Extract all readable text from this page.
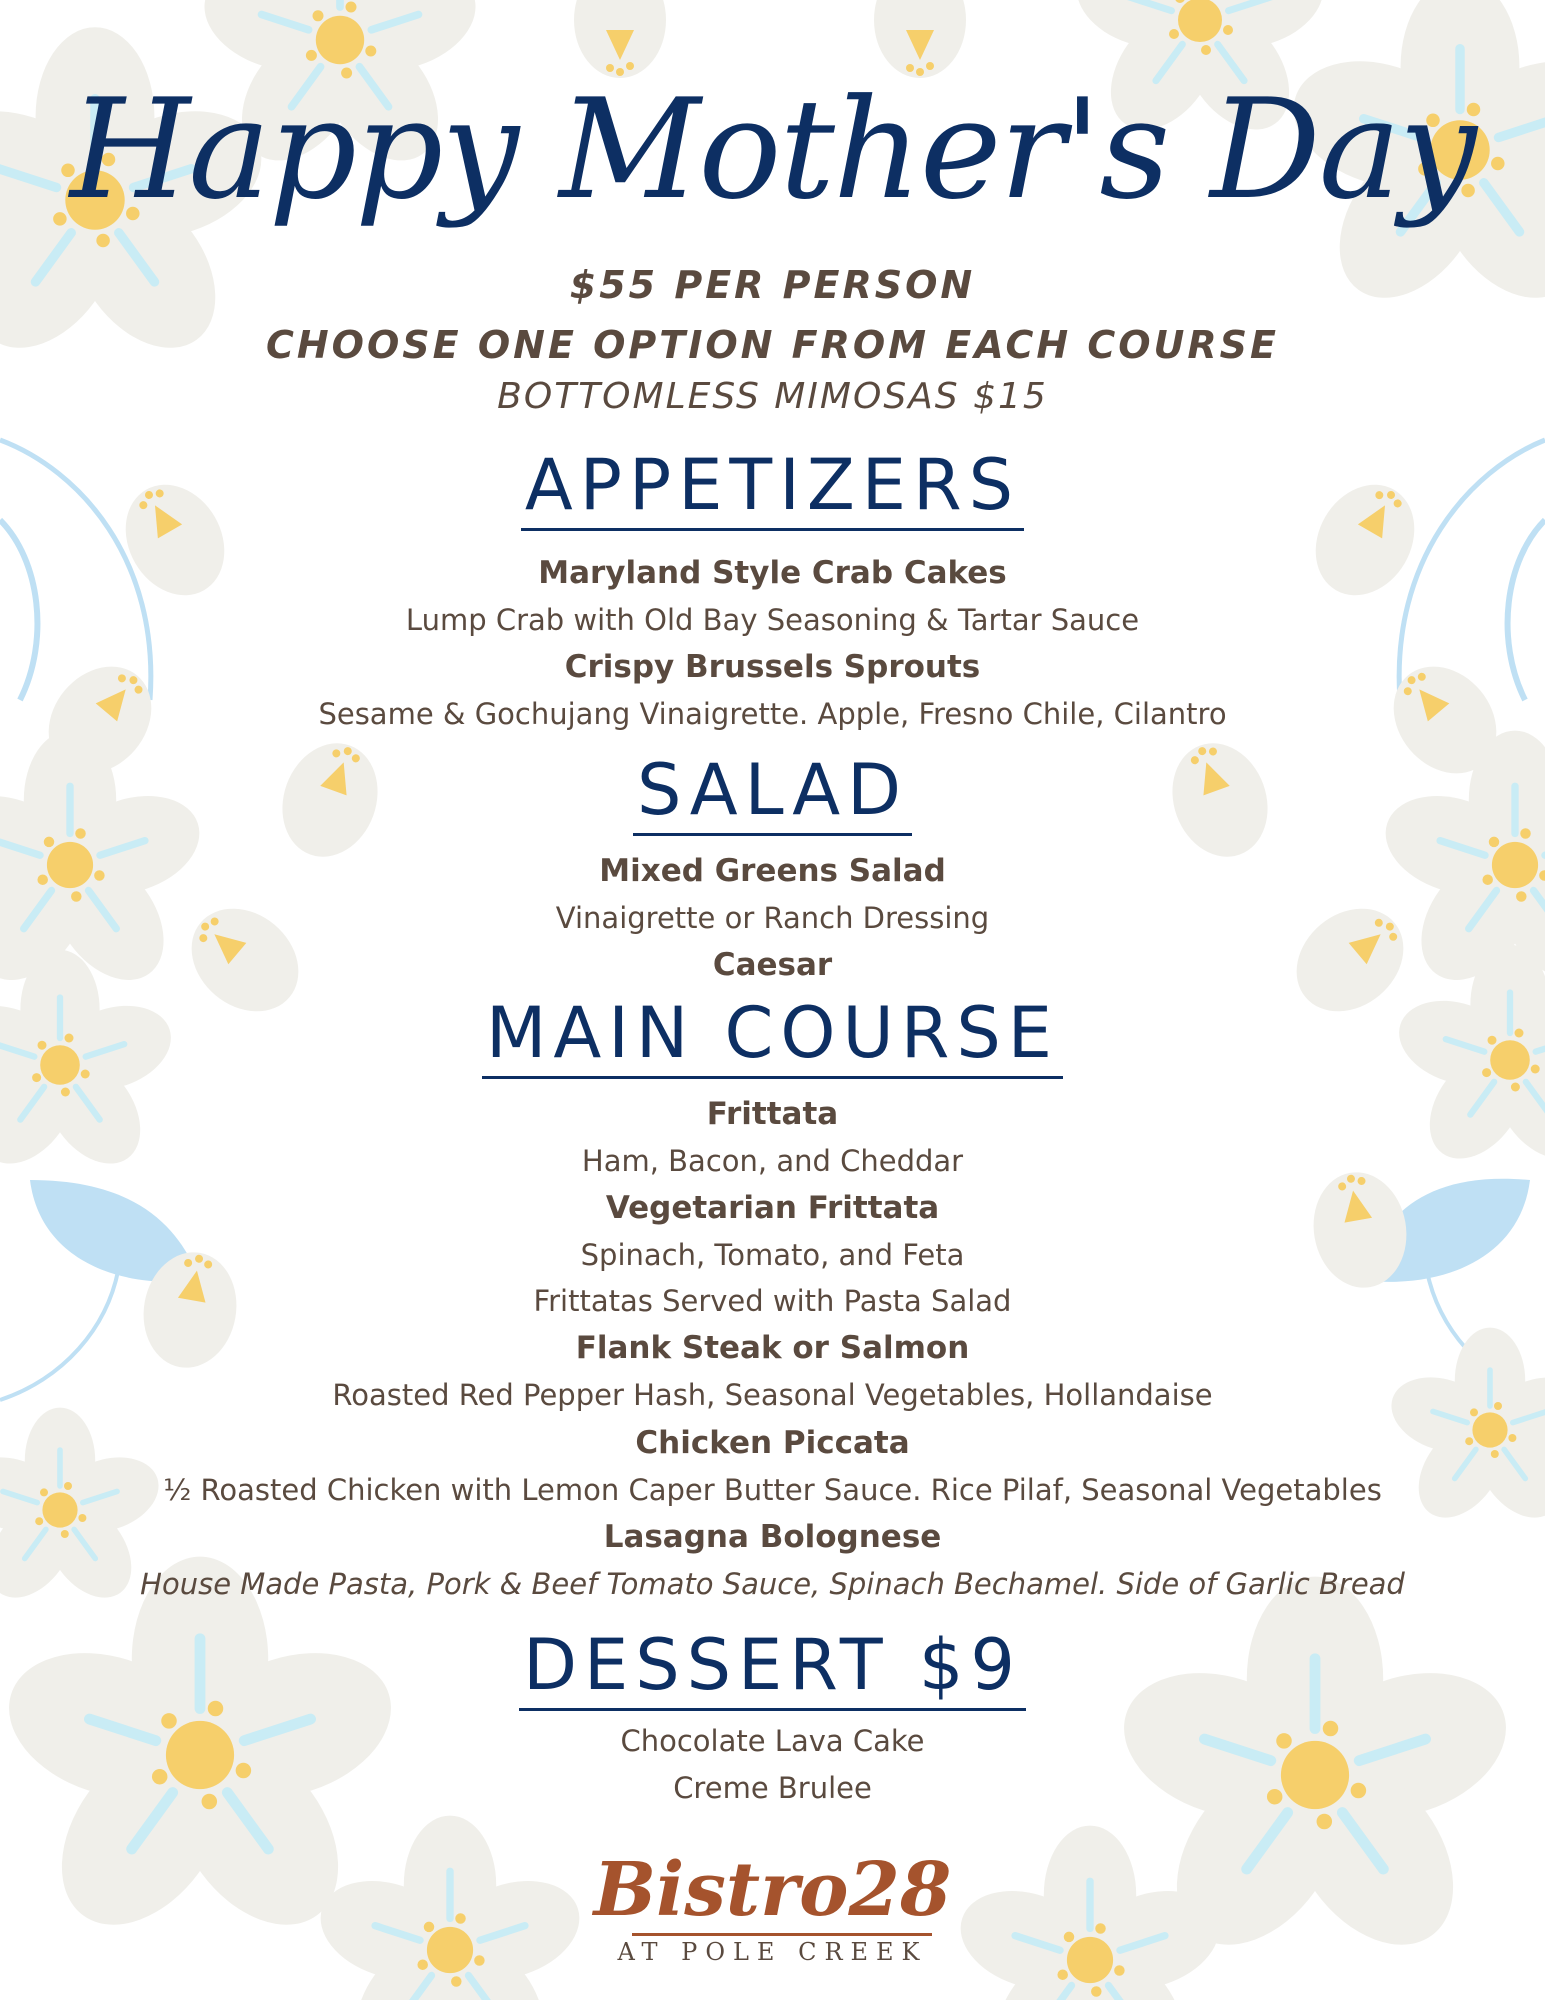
Happy Mother's Day
$55 PER PERSON
CHOOSE ONE OPTION FROM EACH COURSE
BOTTOMLESS MIMOSAS $15
APPETIZERS
Maryland Style Crab Cakes
Lump Crab with Old Bay Seasoning & Tartar Sauce
Crispy Brussels Sprouts
Sesame & Gochujang Vinaigrette. Apple, Fresno Chile, Cilantro
SALAD
Mixed Greens Salad
Vinaigrette or Ranch Dressing
Caesar
MAIN COURSE
Frittata
Ham, Bacon, and Cheddar
Vegetarian Frittata
Spinach, Tomato, and Feta
Frittatas Served with Pasta Salad
Flank Steak or Salmon
Roasted Red Pepper Hash, Seasonal Vegetables, Hollandaise
Chicken Piccata
½ Roasted Chicken with Lemon Caper Butter Sauce. Rice Pilaf, Seasonal Vegetables
Lasagna Bolognese
House Made Pasta, Pork & Beef Tomato Sauce, Spinach Bechamel. Side of Garlic Bread
DESSERT $9
Chocolate Lava Cake
Creme Brulee
Bistro28
AT POLE CREEK
